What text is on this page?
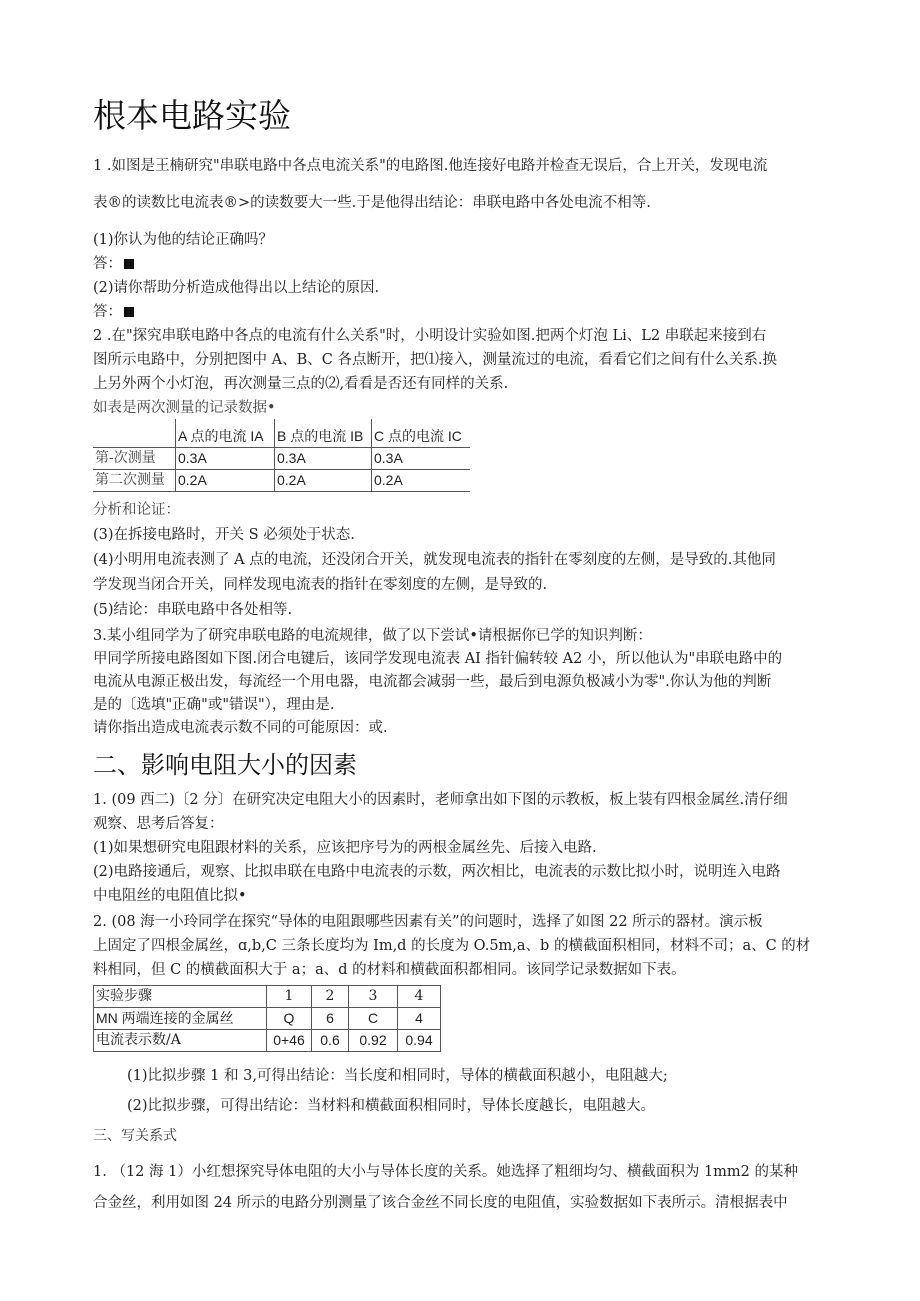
根本电路实验
1 .如图是王楠研究"串联电路中各点电流关系"的电路图.他连接好电路并检查无误后，合上开关，发现电流
表®的读数比电流表®>的读数要大一些.于是他得出结论：串联电路中各处电流不相等.
(1)你认为他的结论正确吗？
答：
(2)请你帮助分析造成他得出以上结论的原因.
答：
2 .在"探究串联电路中各点的电流有什么关系"时，小明设计实验如图.把两个灯泡 Li、L2 串联起来接到右
图所示电路中，分别把图中 A、B、C 各点断开，把⑴接入，测量流过的电流，看看它们之间有什么关系.换
上另外两个小灯泡，再次测量三点的⑵,看看是否还有同样的关系.
如表是两次测量的记录数据•
	A 点的电流 IA	B 点的电流 IB	C 点的电流 IC
第-次测量	0.3A	0.3A	0.3A
第二次测量	0.2A	0.2A	0.2A
分析和论证：
(3)在拆接电路时，开关 S 必须处于状态.
(4)小明用电流表测了 A 点的电流，还没闭合开关，就发现电流表的指针在零刻度的左侧，是导致的.其他同
学发现当闭合开关，同样发现电流表的指针在零刻度的左侧，是导致的.
(5)结论：串联电路中各处相等.
3.某小组同学为了研究串联电路的电流规律，做了以下尝试•请根据你已学的知识判断：
甲同学所接电路图如下图.闭合电键后，该同学发现电流表 AI 指针偏转较 A2 小，所以他认为"串联电路中的
电流从电源正极出发，每流经一个用电器，电流都会减弱一些，最后到电源负极减小为零".你认为他的判断
是的〔选填"正确"或"错误"），理由是.
请你指出造成电流表示数不同的可能原因：或.
二、影响电阻大小的因素
1. (09 西二)〔2 分〕在研究决定电阻大小的因素时，老师拿出如下图的示教板，板上装有四根金属丝.清仔细
观察、思考后答复：
(1)如果想研究电阻跟材料的关系，应该把序号为的两根金属丝先、后接入电路.
(2)电路接通后，观察、比拟串联在电路中电流表的示数，两次相比，电流表的示数比拟小时，说明连入电路
中电阻丝的电阻值比拟•
2. (08 海一小玲同学在探究“导体的电阻跟哪些因素有关”的问题时，选择了如图 22 所示的器材。演示板
上固定了四根金属丝，ɑ,b,C 三条长度均为 Im,d 的长度为 O.5m,a、b 的横截面积相同，材料不司；a、C 的材
料相同，但 C 的横截面积大于 a；a、d 的材料和横截面积都相同。该同学记录数据如下表。
实验步骤	1	2	3	4
MN 两端连接的金属丝	Q	6	C	4
电流表示数/A	0+46	0.6	0.92	0.94
(1)比拟步骤 1 和 3,可得出结论：当长度和相同时，导体的横截面积越小，电阻越大;
(2)比拟步骤，可得出结论：当材料和横截面积相同时，导体长度越长，电阻越大。
三、写关系式
1. （12 海 1）小红想探究导体电阻的大小与导体长度的关系。她选择了粗细均匀、横截面积为 1mm2 的某种
合金丝，利用如图 24 所示的电路分别测量了该合金丝不同长度的电阻值，实验数据如下表所示。清根据表中
